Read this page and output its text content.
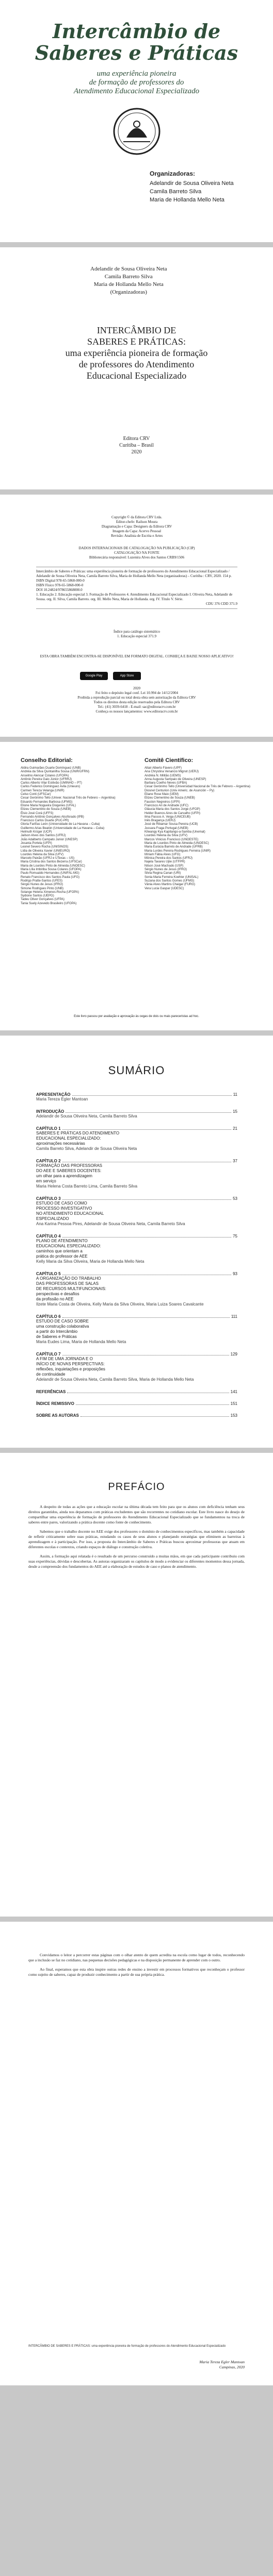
Intercâmbio de
Saberes e Práticas
uma experiência pioneira
de formação de professores do
Atendimento Educacional Especializado
Organizadoras:
Adelandir de Sousa Oliveira Neta
Camila Barreto Silva
Maria de Hollanda Mello Neta
Adelandir de Sousa Oliveira Neta
Camila Barreto Silva
Maria de Hollanda Mello Neta
(Organizadoras)
INTERCÂMBIO DE
SABERES E PRÁTICAS:
uma experiência pioneira de formação
de professores do Atendimento
Educacional Especializado
Editora CRV
Curitiba – Brasil
2020
Copyright © da Editora CRV Ltda.
Editor-chefe: Railson Moura
Diagramação e Capa: Designers da Editora CRV
Imagem da Capa: Acervo Pessoal
Revisão: Analista de Escrita e Artes
DADOS INTERNACIONAIS DE CATALOGAÇÃO NA PUBLICAÇÃO (CIP)
CATALOGAÇÃO NA FONTE
Bibliotecária responsável: Luzenira Alves dos Santos CRB9/1506
Intercâmbio de Saberes e Práticas: uma experiência pioneira de formação de professores do Atendimento Educacional Especializado / Adelandir de Sousa Oliveira Neta, Camila Barreto Silva, Maria de Hollanda Mello Neta (organizadoras) – Curitiba : CRV, 2020. 154 p.
ISBN Digital 978-65-5868-000-0
ISBN Físico 978-65-5868-000-0
DOI 10.24824/978655868000.0
1. Educação 2. Educação especial 3. Formação de Professores 4. Atendimento Educacional Especializado I. Oliveira Neta, Adelandir de Sousa. org. II. Silva, Camila Barreto. org. III. Mello Neta, Maria de Hollanda. org. IV. Título V. Série.
CDU 376 CDD 371.9
Índice para catálogo sistemático
1. Educação especial 371.9
ESTA OBRA TAMBÉM ENCONTRA-SE DISPONÍVEL EM FORMATO DIGITAL. CONHEÇA E BAIXE NOSSO APLICATIVO!
Google Play	App Store
2020
Foi feito o depósito legal conf. Lei 10.994 de 14/12/2004
Proibida a reprodução parcial ou total desta obra sem autorização da Editora CRV
Todos os direitos desta edição reservados pela Editora CRV
Tel.: (41) 3039-6418 - E-mail: sac@editoracrv.com.br
Conheça os nossos lançamentos: www.editoracrv.com.br
Conselho Editorial:	Comitê Científico:
Aldira Guimarães Duarte Domínguez (UNB)
Andréia da Silva Quintanilha Sousa (UNIR/UFRN)
Anselmo Alencar Colares (UFOPA)
Antônio Pereira Gaio Júnior (UFRRJ)
Carlos Alberto Vilar Estêvão (UMINHO – PT)
Carlos Federico Dominguez Avila (Unieuro)
Carmen Tereza Velanga (UNIR)
Celso Conti (UFSCar)
Cesar Gerónimo Tello (Univer. Nacional Três de Febrero – Argentina)
Eduardo Fernandes Barbosa (UFMG)
Elione Maria Nogueira Diogenes (UFAL)
Elizeu Clementino de Souza (UNEB)
Élsio José Corá (UFFS)
Fernando Antônio Gonçalves Alcoforado (IPB)
Francisco Carlos Duarte (PUC-PR)
Gloria Fariñas León (Universidade de La Havana – Cuba)
Guillermo Arias Beatón (Universidade de La Havana – Cuba)
Helmuth Krüger (UCP)
Jailson Alves dos Santos (UFRJ)
João Adalberto Campato Junior (UNESP)
Josania Portela (UFPI)
Leonel Severo Rocha (UNISINOS)
Lídia de Oliveira Xavier (UNIEURO)
Lourdes Helena da Silva (UFV)
Marcelo Paixão (UFRJ e UTexas – US)
Maria Cristina dos Santos Bezerra (UFSCar)
Maria de Lourdes Pinto de Almeida (UNOESC)
Maria Lília Imbiriba Sousa Colares (UFOPA)
Paulo Romualdo Hernandes (UNIFAL-MG)
Renato Francisco dos Santos Paula (UFG)
Rodrigo Pratte-Santos (UFES)
Sérgio Nunes de Jesus (IFRO)
Simone Rodrigues Pinto (UNB)
Solange Helena Ximenes-Rocha (UFOPA)
Sydione Santos (UEPG)
Tadeu Oliver Gonçalves (UFPA)
Tania Suely Azevedo Brasileiro (UFOPA)
Altair Alberto Fávero (UPF)
Ana Chrystina Venancio Mignot (UERJ)
Andréia N. Militão (UEMS)
Anna Augusta Sampaio de Oliveira (UNESP)
Barbara Coelho Neves (UFBA)
Cesar Gerónimo Tello (Universidad Nacional de Três de Febrero – Argentina)
Diosnel Centurion (Univ Americ. de Asunción – Py)
Eliane Rose Maio (UEM)
Elizeu Clementino de Souza (UNEB)
Fauston Negreiros (UFPI)
Francisco Ari de Andrade (UFC)
Gláucia Maria dos Santos Jorge (UFOP)
Helder Buenos Aires de Carvalho (UFPI)
Ilma Passos A. Veiga (UNICEUB)
Inês Bragança (UERJ)
José de Ribamar Sousa Pereira (UCB)
Jussara Fraga Portugal (UNEB)
Kilwangy Kya Kapitango-a-Samba (Unemat)
Lourdes Helena da Silva (UFV)
Marcos Vinicius Francisco (UNOESTE)
Maria de Lourdes Pinto de Almeida (UNOESC)
Maria Eurácia Barreto de Andrade (UFRB)
Maria Lurdes Pereira Rodrigues Ferreira (UNIR)
Míriam Fábia Alves (UFG)
Mônica Pereira dos Santos (UFRJ)
Najela Tavares Ujiie (UTFPR)
Nilson José Machado (USP)
Sérgio Nunes de Jesus (IFRO)
Silvia Regina Canan (URI)
Sonia Maria Ferreira Koehler (UNISAL)
Suzana dos Santos Gomes (UFMG)
Vânia Alves Martins Chaigar (FURG)
Vera Lucia Gaspar (UDESC)
Este livro passou por avaliação e aprovação às cegas de dois ou mais pareceristas ad hoc.
SUMÁRIO
APRESENTAÇÃO	11
Maria Tereza Egler Mantoan
INTRODUÇÃO	15
Adelandir de Sousa Oliveira Neta, Camila Barreto Silva
CAPÍTULO 1	21
SABERES E PRÁTICAS DO ATENDIMENTO
EDUCACIONAL ESPECIALIZADO:
aproximações necessárias
Camila Barreto Silva, Adelandir de Sousa Oliveira Neta
CAPÍTULO 2	37
FORMAÇÃO DAS PROFESSORAS
DO AEE E SABERES DOCENTES:
um olhar para a aprendizagem
em serviço
Maria Helena Costa Barreto Lima, Camila Barreto Silva
CAPÍTULO 3	53
ESTUDO DE CASO COMO
PROCESSO INVESTIGATIVO
NO ATENDIMENTO EDUCACIONAL
ESPECIALIZADO
Ana Karina Pessoa Pires, Adelandir de Sousa Oliveira Neta, Camila Barreto Silva
CAPÍTULO 4	75
PLANO DE ATENDIMENTO
EDUCACIONAL ESPECIALIZADO:
caminhos que orientam a
prática do professor de AEE
Kelly Maria da Silva Oliveira, Maria de Hollanda Mello Neta
CAPÍTULO 5	93
A ORGANIZAÇÃO DO TRABALHO
DAS PROFESSORAS DE SALAS
DE RECURSOS MULTIFUNCIONAIS:
perspectivas e desafios
da profissão no AEE
Ilzete Maria Costa de Oliveira, Kelly Maria da Silva Oliveira, Maria Luiza Soares Cavalcante
CAPÍTULO 6	111
ESTUDO DE CASO SOBRE
uma construção colaborativa
a partir do Intercâmbio
de Saberes e Práticas
Maria Eudes Lima, Maria de Hollanda Mello Neta
CAPÍTULO 7	129
A FIM DE UMA JORNADA E O
INÍCIO DE NOVAS PERSPECTIVAS:
reflexões, inquietações e proposições
de continuidade
Adelandir de Sousa Oliveira Neta, Camila Barreto Silva, Maria de Hollanda Mello Neta
REFERÊNCIAS	141
ÍNDICE REMISSIVO	151
SOBRE AS AUTORAS	153
PREFÁCIO

A despeito de todas as ações que a educação escolar na última década tem feito para que os alunos com deficiência tenham seus direitos garantidos, ainda nos deparamos com práticas excludentes que são recorrentes no cotidiano escolar. Este livro nasce do desejo de compartilhar uma experiência de formação de professores do Atendimento Educacional Especializado que se fundamentou na troca de saberes entre pares, valorizando a prática docente como fonte de conhecimento.

Sabemos que o trabalho docente no AEE exige dos professores o domínio de conhecimentos específicos, mas também a capacidade de refletir criticamente sobre suas práticas, estudando os casos de seus alunos e planejando estratégias que eliminem as barreiras à aprendizagem e à participação. Por isso, a proposta do Intercâmbio de Saberes e Práticas buscou aproximar professoras que atuam em diferentes escolas e contextos, criando espaços de diálogo e construção coletiva.

Assim, a formação aqui relatada é o resultado de um percurso construído a muitas mãos, em que cada participante contribuiu com suas experiências, dúvidas e descobertas. As autoras organizaram os capítulos de modo a evidenciar os diferentes momentos dessa jornada, desde a compreensão dos fundamentos do AEE até a elaboração de estudos de caso e planos de atendimento.

Convidamos o leitor a percorrer estas páginas com o olhar atento de quem acredita na escola como lugar de todos, reconhecendo que a inclusão se faz no cotidiano, nas pequenas decisões pedagógicas e na disposição permanente de aprender com o outro.

Ao final, esperamos que esta obra inspire outras redes de ensino a investir em processos formativos que reconheçam o professor como sujeito de saberes, capaz de produzir conhecimento a partir de sua própria prática.

INTERCÂMBIO DE SABERES E PRÁTICAS: uma experiência pioneira de formação de professores do Atendimento Educacional Especializado
Maria Tereza Egler Mantoan
Campinas, 2020
